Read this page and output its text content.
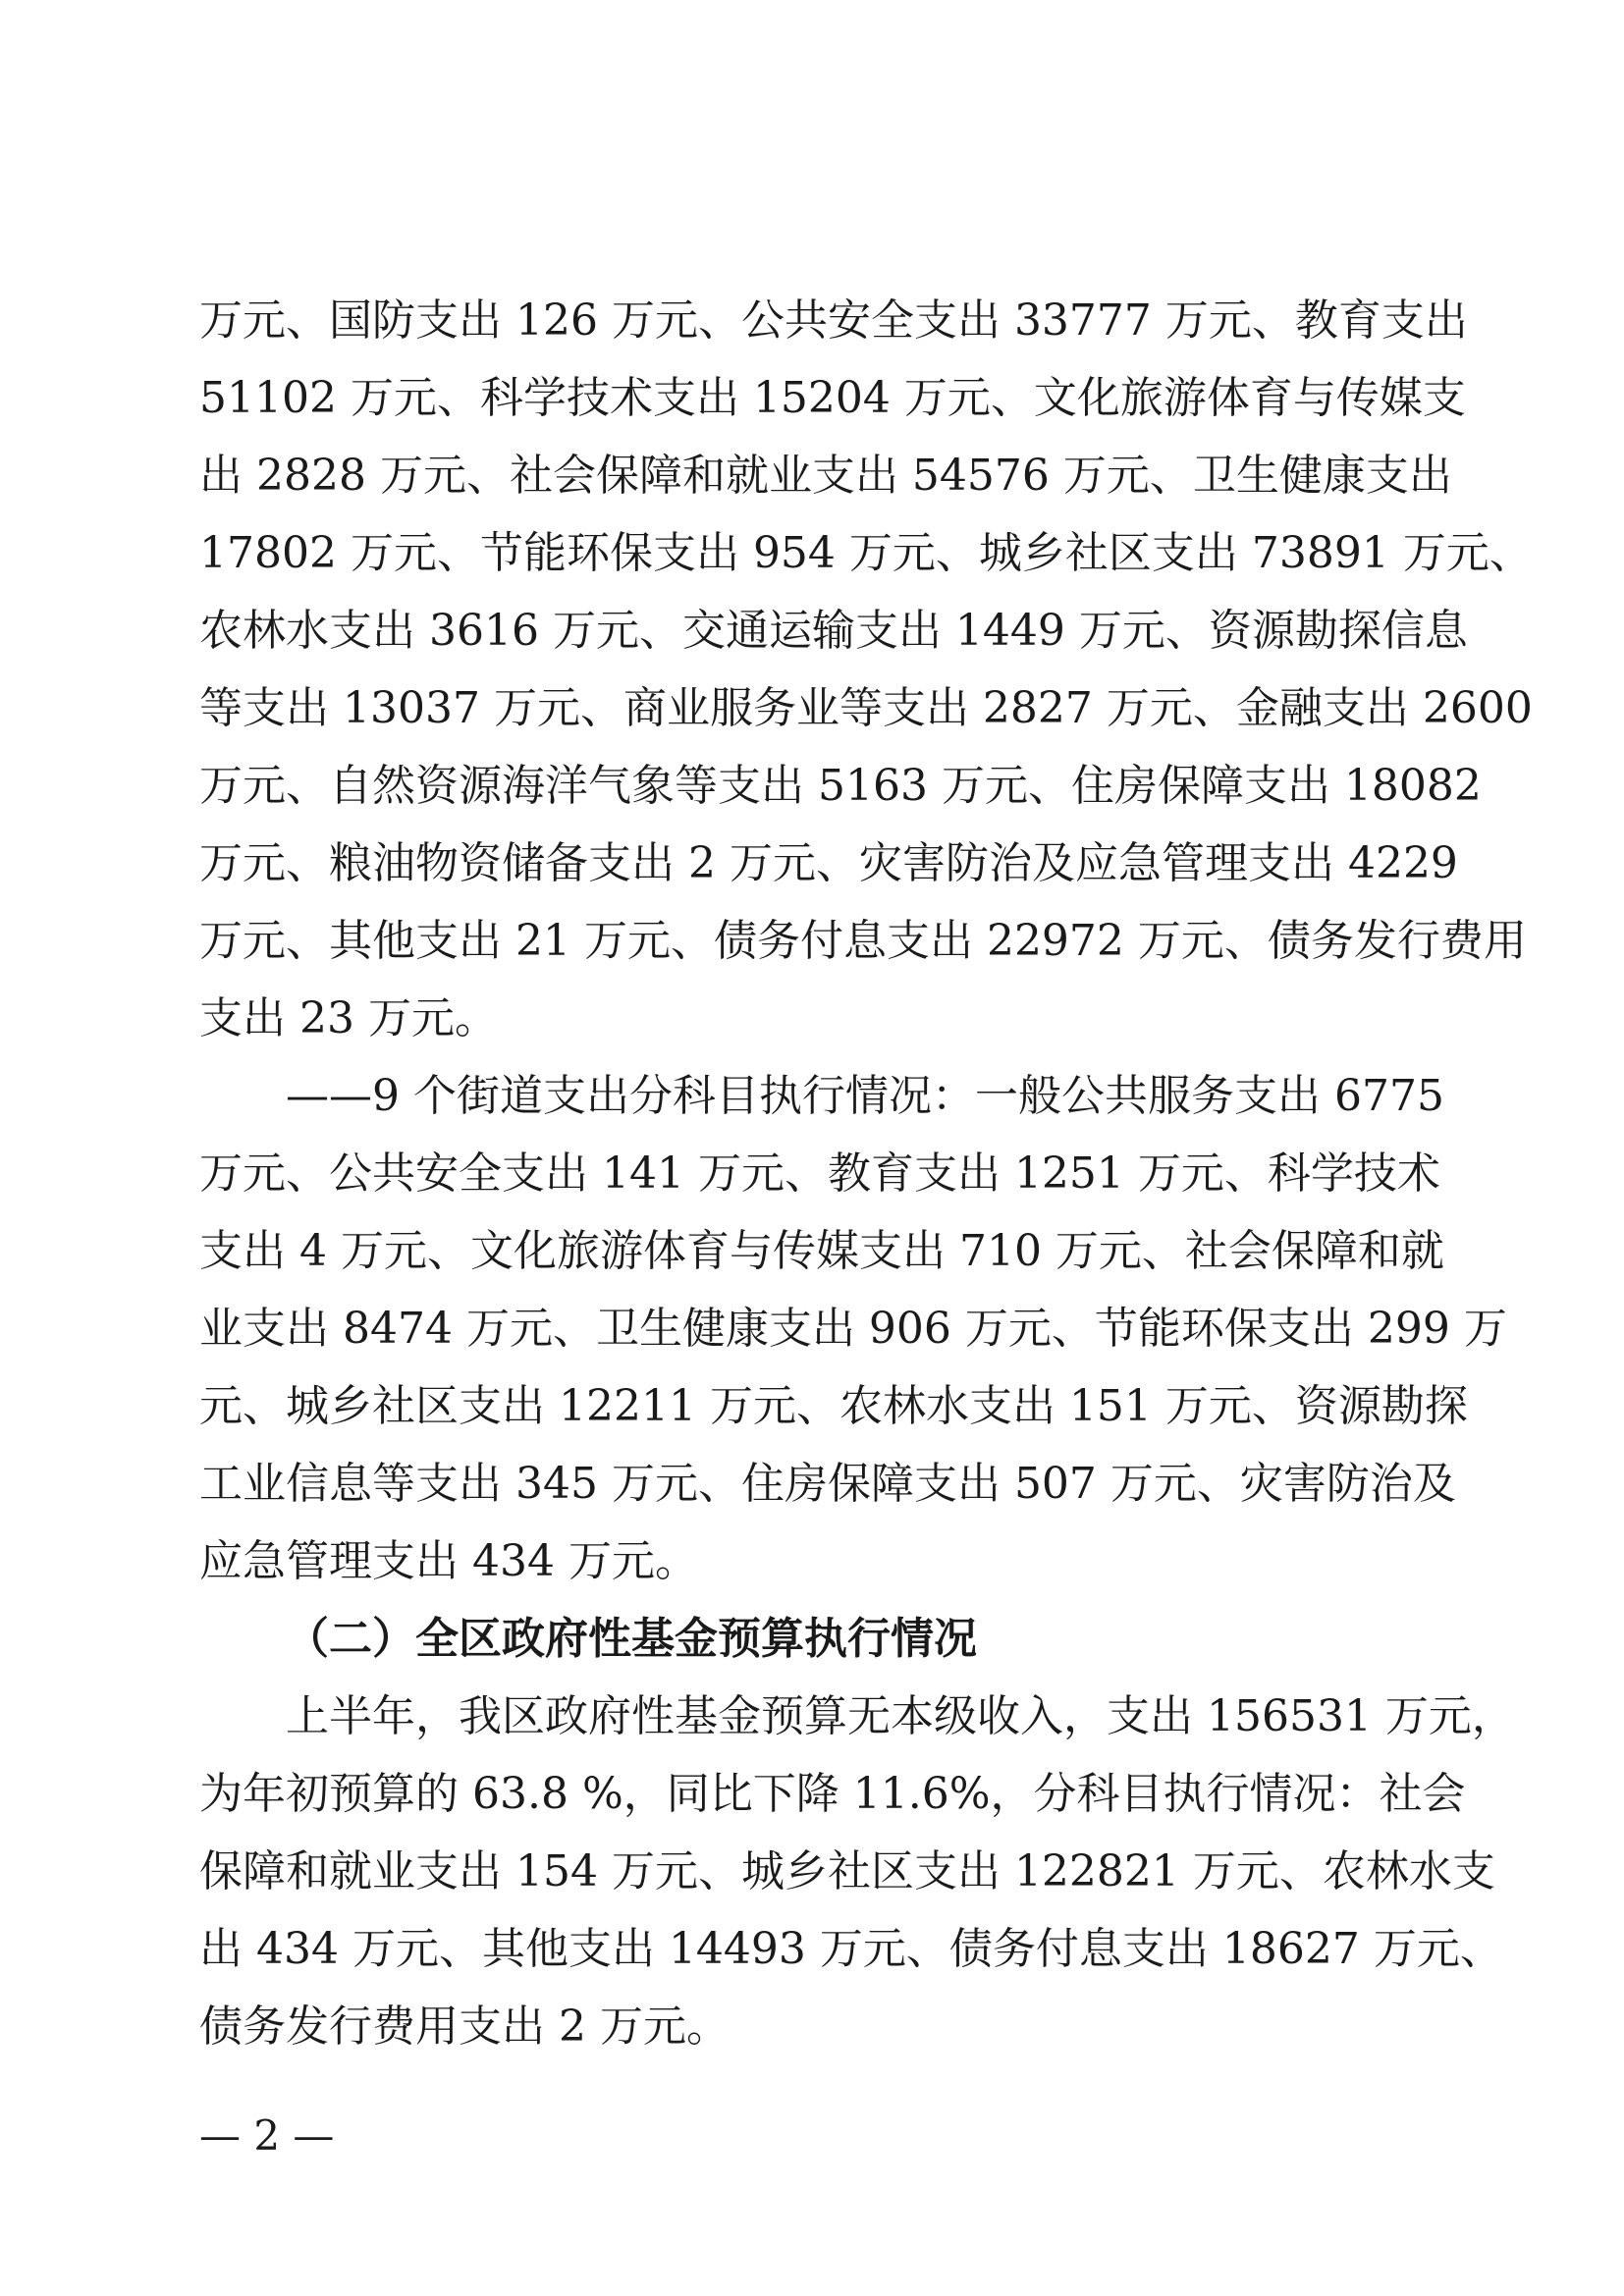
万元、国防支出 126 万元、公共安全支出 33777 万元、教育支出
51102 万元、科学技术支出 15204 万元、文化旅游体育与传媒支
出 2828 万元、社会保障和就业支出 54576 万元、卫生健康支出
17802 万元、节能环保支出 954 万元、城乡社区支出 73891 万元、
农林水支出 3616 万元、交通运输支出 1449 万元、资源勘探信息
等支出 13037 万元、商业服务业等支出 2827 万元、金融支出 2600
万元、自然资源海洋气象等支出 5163 万元、住房保障支出 18082
万元、粮油物资储备支出 2 万元、灾害防治及应急管理支出 4229
万元、其他支出 21 万元、债务付息支出 22972 万元、债务发行费用
支出 23 万元。
——9 个街道支出分科目执行情况：一般公共服务支出 6775
万元、公共安全支出 141 万元、教育支出 1251 万元、科学技术
支出 4 万元、文化旅游体育与传媒支出 710 万元、社会保障和就
业支出 8474 万元、卫生健康支出 906 万元、节能环保支出 299 万
元、城乡社区支出 12211 万元、农林水支出 151 万元、资源勘探
工业信息等支出 345 万元、住房保障支出 507 万元、灾害防治及
应急管理支出 434 万元。
（二）全区政府性基金预算执行情况
上半年，我区政府性基金预算无本级收入，支出 156531 万元，
为年初预算的 63.8 %，同比下降 11.6%，分科目执行情况：社会
保障和就业支出 154 万元、城乡社区支出 122821 万元、农林水支
出 434 万元、其他支出 14493 万元、债务付息支出 18627 万元、
债务发行费用支出 2 万元。
— 2 —
